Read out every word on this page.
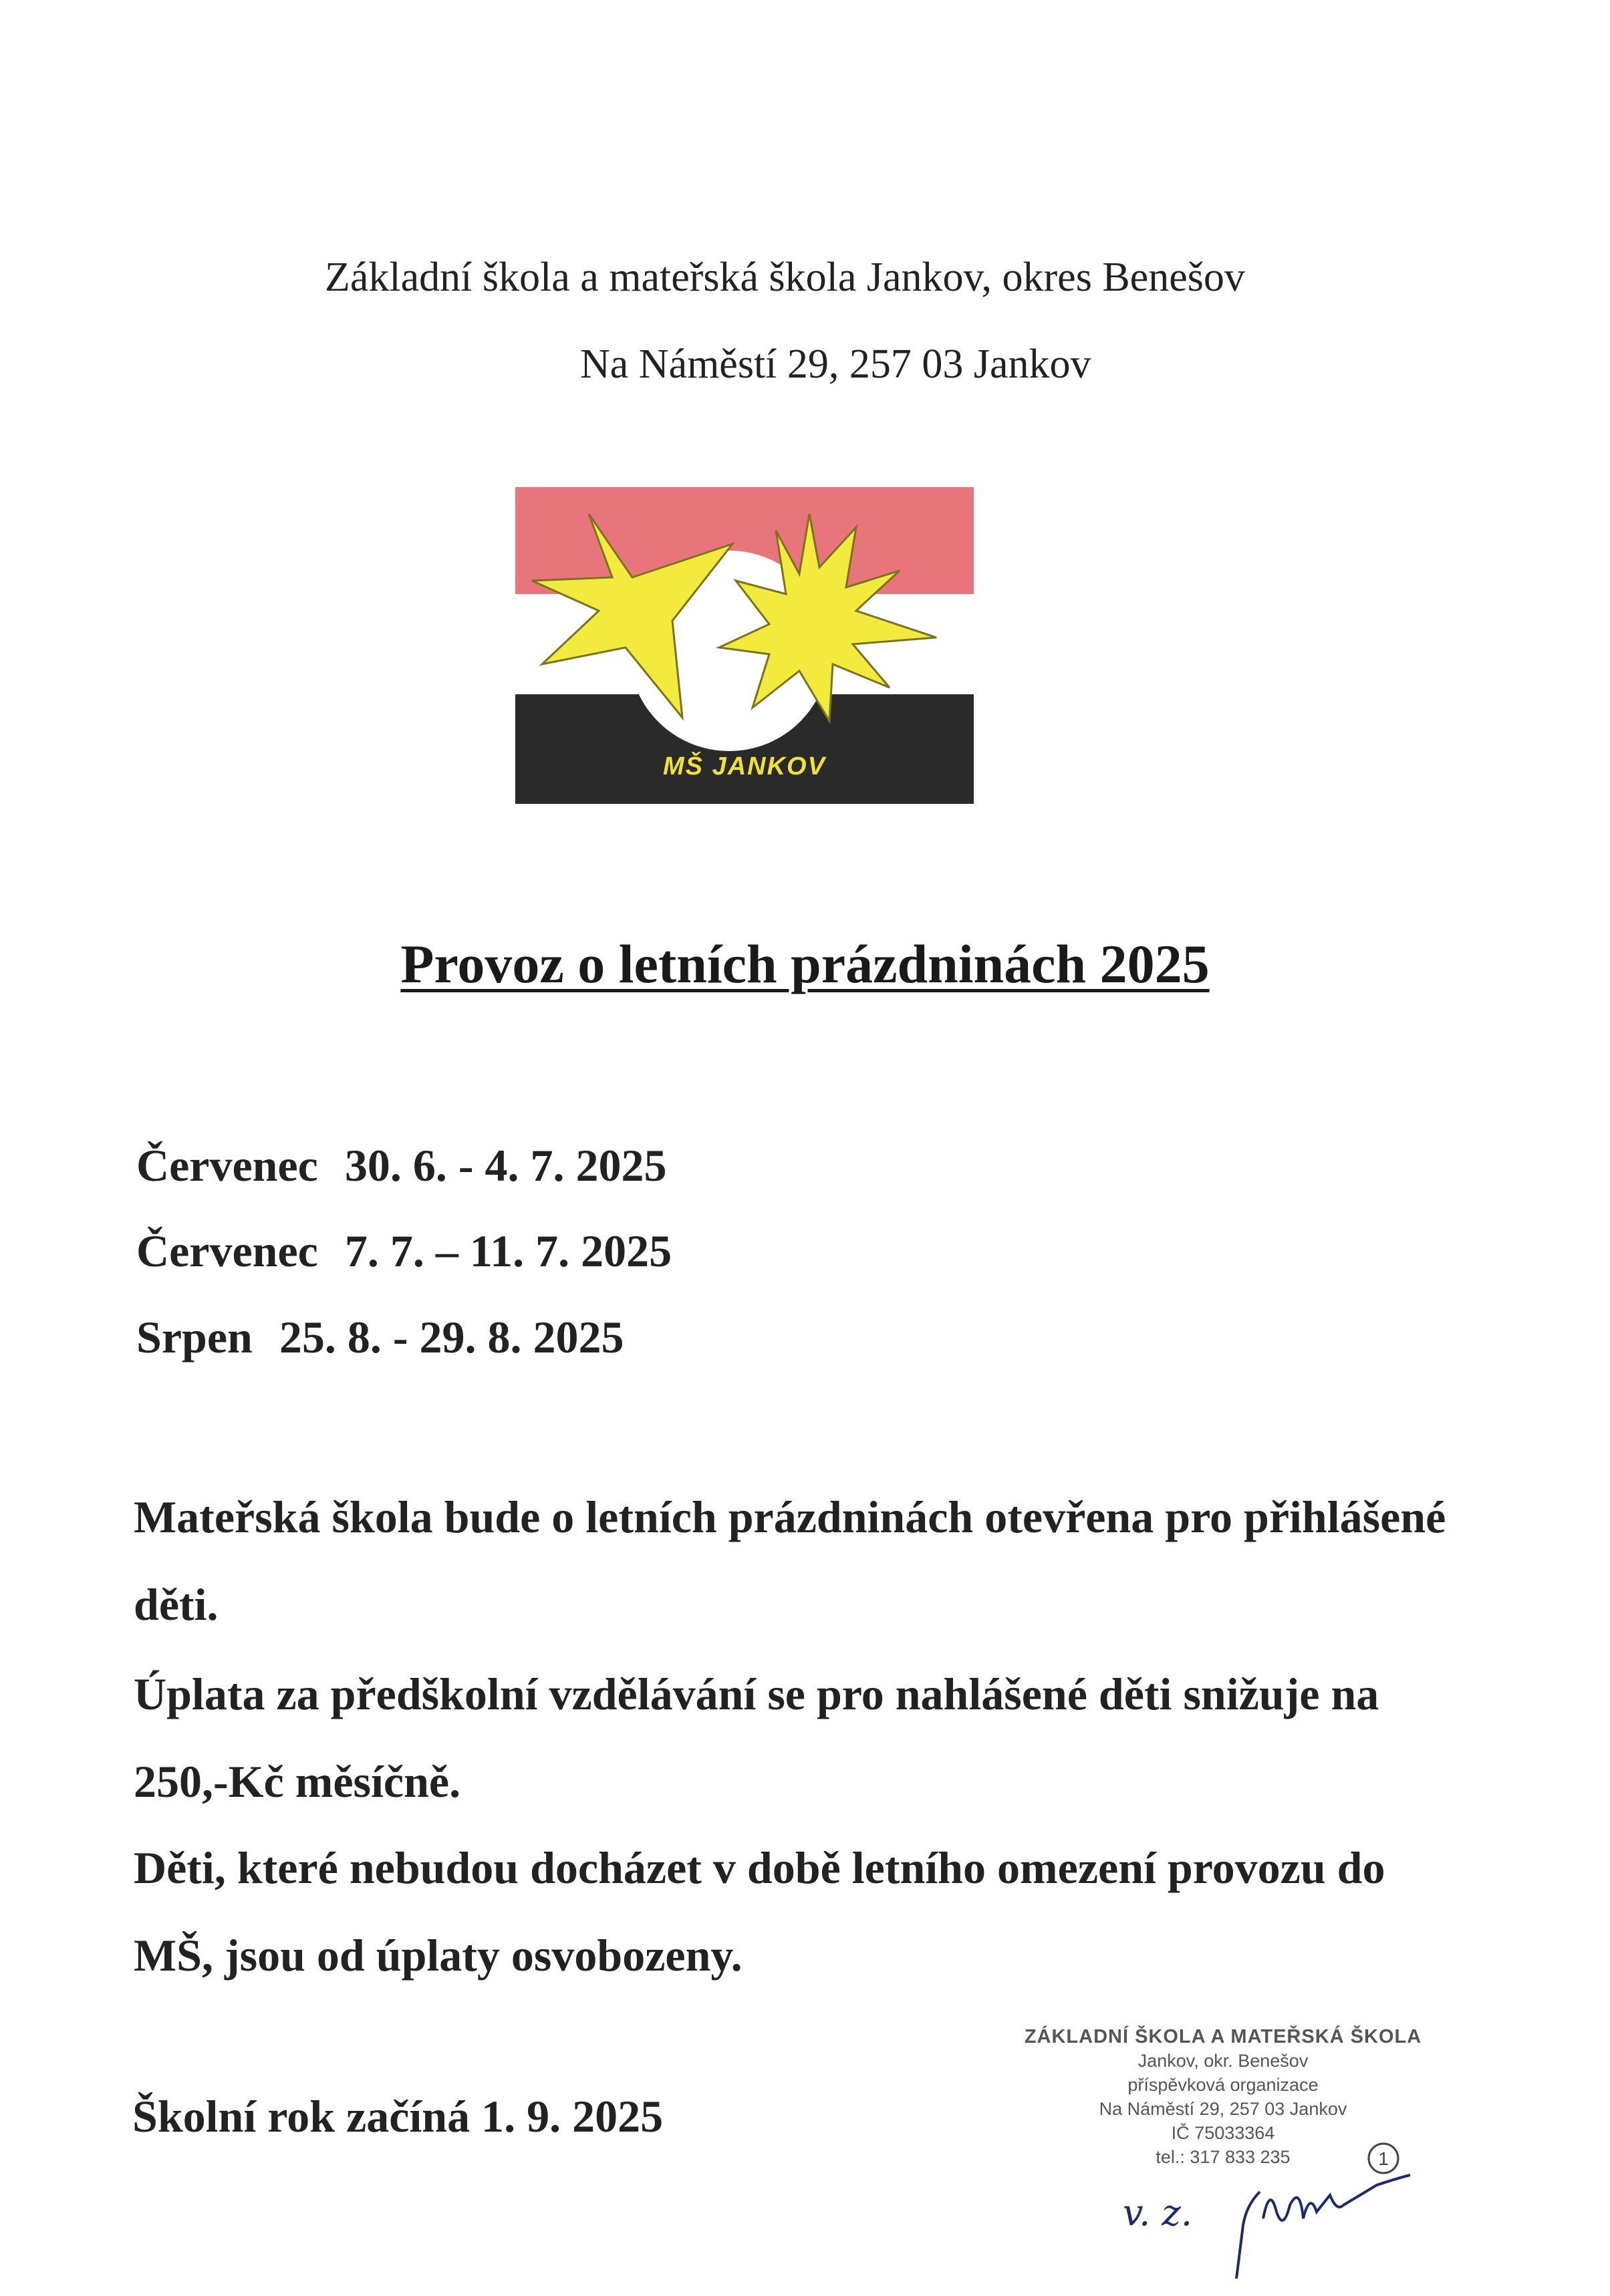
Základní škola a mateřská škola Jankov, okres Benešov
Na Náměstí 29, 257 03 Jankov
MŠ JANKOV
Provoz o letních prázdninách 2025
Červenec 30. 6. - 4. 7. 2025
Červenec 7. 7. – 11. 7. 2025
Srpen 25. 8. - 29. 8. 2025
Mateřská škola bude o letních prázdninách otevřena pro přihlášené děti.
Úplata za předškolní vzdělávání se pro nahlášené děti snižuje na 250,-Kč měsíčně.
Děti, které nebudou docházet v době letního omezení provozu do MŠ, jsou od úplaty osvobozeny.
Školní rok začíná 1. 9. 2025
ZÁKLADNÍ ŠKOLA A MATEŘSKÁ ŠKOLA
Jankov, okr. Benešov
příspěvková organizace
Na Náměstí 29, 257 03 Jankov
IČ 75033364
tel.: 317 833 235	1
v. z.
